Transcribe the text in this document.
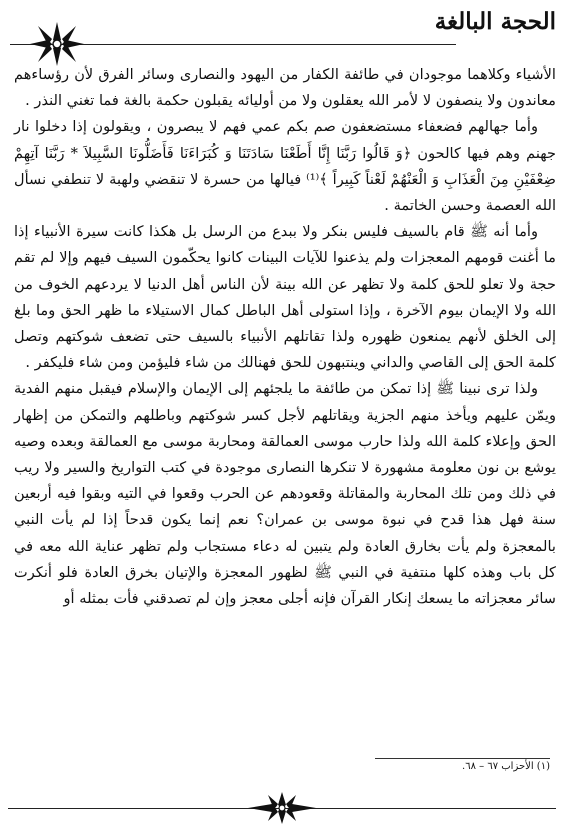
الحجة البالغة

الأشياء وكلاهما موجودان في طائفة الكفار من اليهود والنصارى وسائر الفرق لأن رؤساءهم معاندون ولا ينصفون لا لأمر الله يعقلون ولا من أوليائه يقبلون حكمة بالغة فما تغني النذر .

وأما جهالهم فضعفاء مستضعفون صم بكم عمي فهم لا يبصرون ، ويقولون إذا دخلوا نار جهنم وهم فيها كالحون ﴿وَ قَالُوا رَبَّنَا إِنَّا أَطَعْنَا سَادَتَنَا وَ كُبَرَاءَنَا فَأَضَلُّونَا السَّبِيلاَ * رَبَّنَا آتِهِمْ ضِعْفَيْنِ مِنَ الْعَذَابِ وَ الْعَنْهُمْ لَعْناً كَبِيراً ﴾⁽¹⁾ فيالها من حسرة لا تنقضي ولهبة لا تنطفي نسأل الله العصمة وحسن الخاتمة .

وأما أنه ﷺ قام بالسيف فليس بنكر ولا ببدع من الرسل بل هكذا كانت سيرة الأنبياء إذا ما أغنت قومهم المعجزات ولم يذعنوا للآيات البينات كانوا يحكّمون السيف فيهم وإلا لم تقم حجة ولا تعلو للحق كلمة ولا تظهر عن الله بينة لأن الناس أهل الدنيا لا يردعهم الخوف من الله ولا الإيمان بيوم الآخرة ، وإذا استولى أهل الباطل كمال الاستيلاء ما ظهر الحق وما بلغ إلى الخلق لأنهم يمنعون ظهوره ولذا تقاتلهم الأنبياء بالسيف حتى تضعف شوكتهم وتصل كلمة الحق إلى القاصي والداني وينتبهون للحق فهنالك من شاء فليؤمن ومن شاء فليكفر .

ولذا ترى نبينا ﷺ إذا تمكن من طائفة ما يلجئهم إلى الإيمان والإسلام فيقبل منهم الفدية ويمّن عليهم ويأخذ منهم الجزية ويقاتلهم لأجل كسر شوكتهم وباطلهم والتمكن من إظهار الحق وإعلاء كلمة الله ولذا حارب موسى العمالقة ومحاربة موسى مع العمالقة وبعده وصيه يوشع بن نون معلومة مشهورة لا تنكرها النصارى موجودة في كتب التواريخ والسير ولا ريب في ذلك ومن تلك المحاربة والمقاتلة وقعودهم عن الحرب وقعوا في التيه وبقوا فيه أربعين سنة فهل هذا قدح في نبوة موسى بن عمران؟ نعم إنما يكون قدحاً إذا لم يأت النبي بالمعجزة ولم يأت بخارق العادة ولم يتبين له دعاء مستجاب ولم تظهر عناية الله معه في كل باب وهذه كلها منتفية في النبي ﷺ لظهور المعجزة والإتيان بخرق العادة فلو أنكرت سائر معجزاته ما يسعك إنكار القرآن فإنه أجلى معجز وإن لم تصدقني فأت بمثله أو

(١) الأحزاب ٦٧ – ٦٨.
